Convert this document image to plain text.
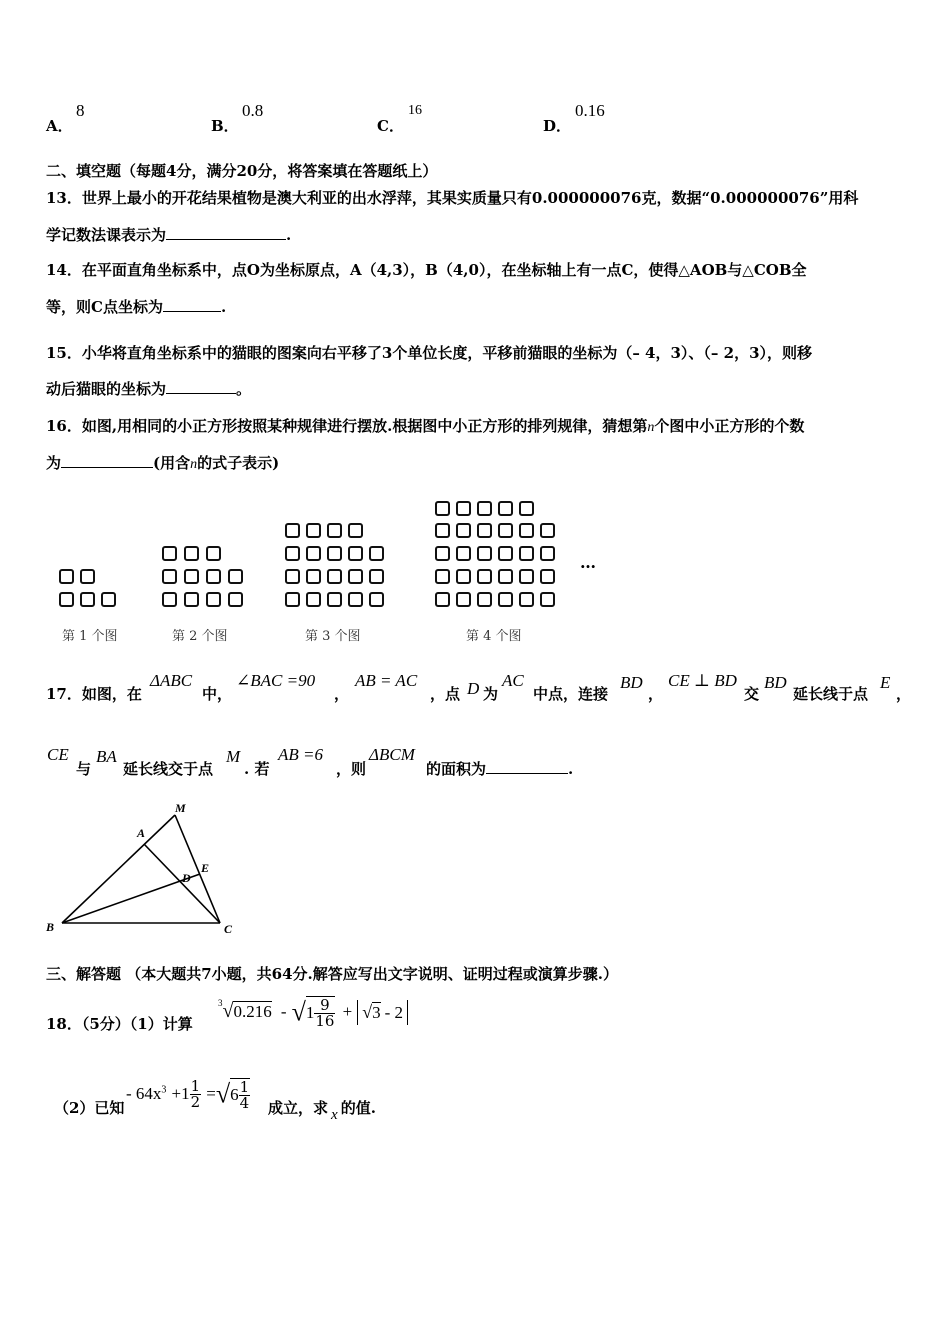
A．
8
B．
0.8
C．
16
D．
0.16
二、填空题（每题4分，满分20分，将答案填在答题纸上）
13．世界上最小的开花结果植物是澳大利亚的出水浮萍，其果实质量只有0.000000076克，数据“0.000000076”用科
学记数法课表示为	.
14．在平面直角坐标系中，点O为坐标原点，A（4,3），B（4,0），在坐标轴上有一点C，使得△AOB与△COB全
等，则C点坐标为	.
15．小华将直角坐标系中的猫眼的图案向右平移了3个单位长度，平移前猫眼的坐标为（– 4，3）、（– 2，3），则移
动后猫眼的坐标为	。
16．如图,用相同的小正方形按照某种规律进行摆放.根据图中小正方形的排列规律，猜想第n个图中小正方形的个数
为	(用含n的式子表示)
…
第 1 个图	第 2 个图	第 3 个图	第 4 个图
17．如图，在
ΔABC
中，
∠BAC =90
，
AB = AC
，点 D 为
AC
中点，连接
BD
，
CE ⊥ BD
交
BD
延长线于点
E
，
CE
与
BA
延长线交于点
M
. 若
AB =6
，则
ΔBCM
的面积为	.
M
A
E
D
B	C
三、解答题 （本大题共7小题，共64分.解答应写出文字说明、证明过程或演算步骤.）
18．（5分）（1）计算
$^3√0.216 - √1 \frac{9}{16} + √3 - 2$
（2）已知
- $64x^3 +1 \frac{1}{2} =√6 \frac{1}{4}$ 成立，求 x 的值.
